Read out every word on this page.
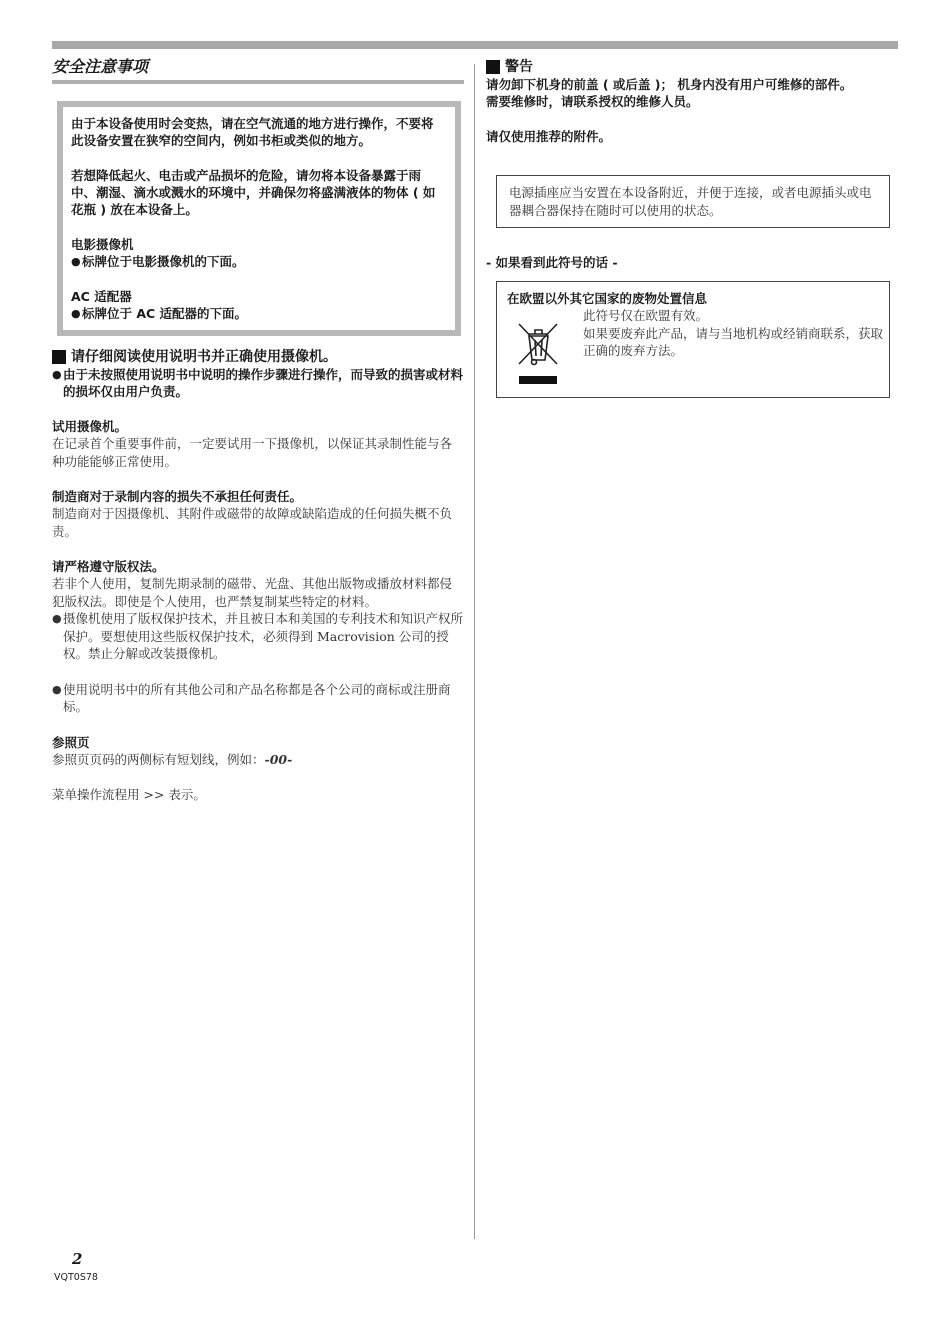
安全注意事项

由于本设备使用时会变热，请在空气流通的地方进行操作，不要将此设备安置在狭窄的空间内，例如书柜或类似的地方。

若想降低起火、电击或产品损坏的危险，请勿将本设备暴露于雨中、潮湿、滴水或溅水的环境中，并确保勿将盛满液体的物体 ( 如花瓶 ) 放在本设备上。

电影摄像机

● 标牌位于电影摄像机的下面。

AC 适配器

● 标牌位于 AC 适配器的下面。

请仔细阅读使用说明书并正确使用摄像机。

● 由于未按照使用说明书中说明的操作步骤进行操作，而导致的损害或材料的损坏仅由用户负责。

试用摄像机。

在记录首个重要事件前，一定要试用一下摄像机，以保证其录制性能与各种功能能够正常使用。

制造商对于录制内容的损失不承担任何责任。

制造商对于因摄像机、其附件或磁带的故障或缺陷造成的任何损失概不负责。

请严格遵守版权法。

若非个人使用，复制先期录制的磁带、光盘、其他出版物或播放材料都侵犯版权法。即使是个人使用，也严禁复制某些特定的材料。

● 摄像机使用了版权保护技术，并且被日本和美国的专利技术和知识产权所保护。要想使用这些版权保护技术，必须得到 Macrovision 公司的授权。禁止分解或改装摄像机。

● 使用说明书中的所有其他公司和产品名称都是各个公司的商标或注册商标。

参照页

参照页页码的两侧标有短划线，例如：-00-

菜单操作流程用 >> 表示。

警告

请勿卸下机身的前盖 ( 或后盖 )； 机身内没有用户可维修的部件。

需要维修时，请联系授权的维修人员。

请仅使用推荐的附件。

电源插座应当安置在本设备附近，并便于连接，或者电源插头或电器耦合器保持在随时可以使用的状态。

- 如果看到此符号的话 -

在欧盟以外其它国家的废物处置信息

此符号仅在欧盟有效。

如果要废弃此产品，请与当地机构或经销商联系，获取正确的废弃方法。

2
VQT0S78
